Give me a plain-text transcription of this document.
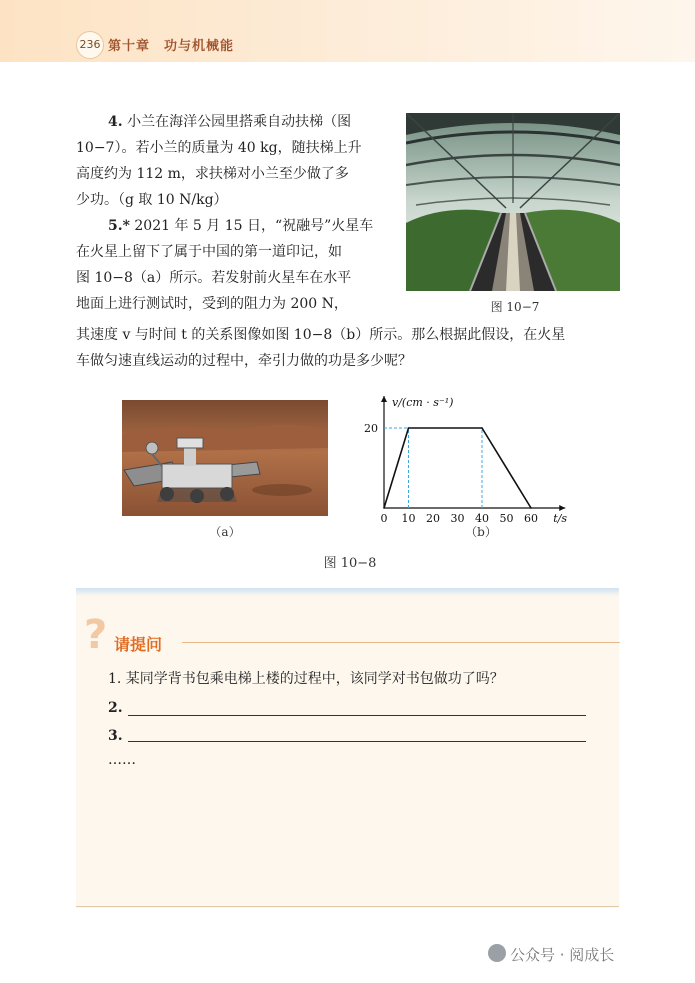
236 第十章　功与机械能
4. 小兰在海洋公园里搭乘自动扶梯（图
10−7）。若小兰的质量为 40 kg，随扶梯上升
高度约为 112 m，求扶梯对小兰至少做了多
少功。（g 取 10 N/kg）
5.* 2021 年 5 月 15 日，“祝融号”火星车
在火星上留下了属于中国的第一道印记，如
图 10−8（a）所示。若发射前火星车在水平
地面上进行测试时，受到的阻力为 200 N，
其速度 v 与时间 t 的关系图像如图 10−8（b）所示。那么根据此假设，在火星
车做匀速直线运动的过程中，牵引力做的功是多少呢？
图 10−7
（a）
0 10 20 30 40 50 60
20
v/(cm · s⁻¹)
t/s
（b）
图 10−8
? 请提问
1. 某同学背书包乘电梯上楼的过程中，该同学对书包做功了吗？
2.
3.
……
公众号 · 阅成长
